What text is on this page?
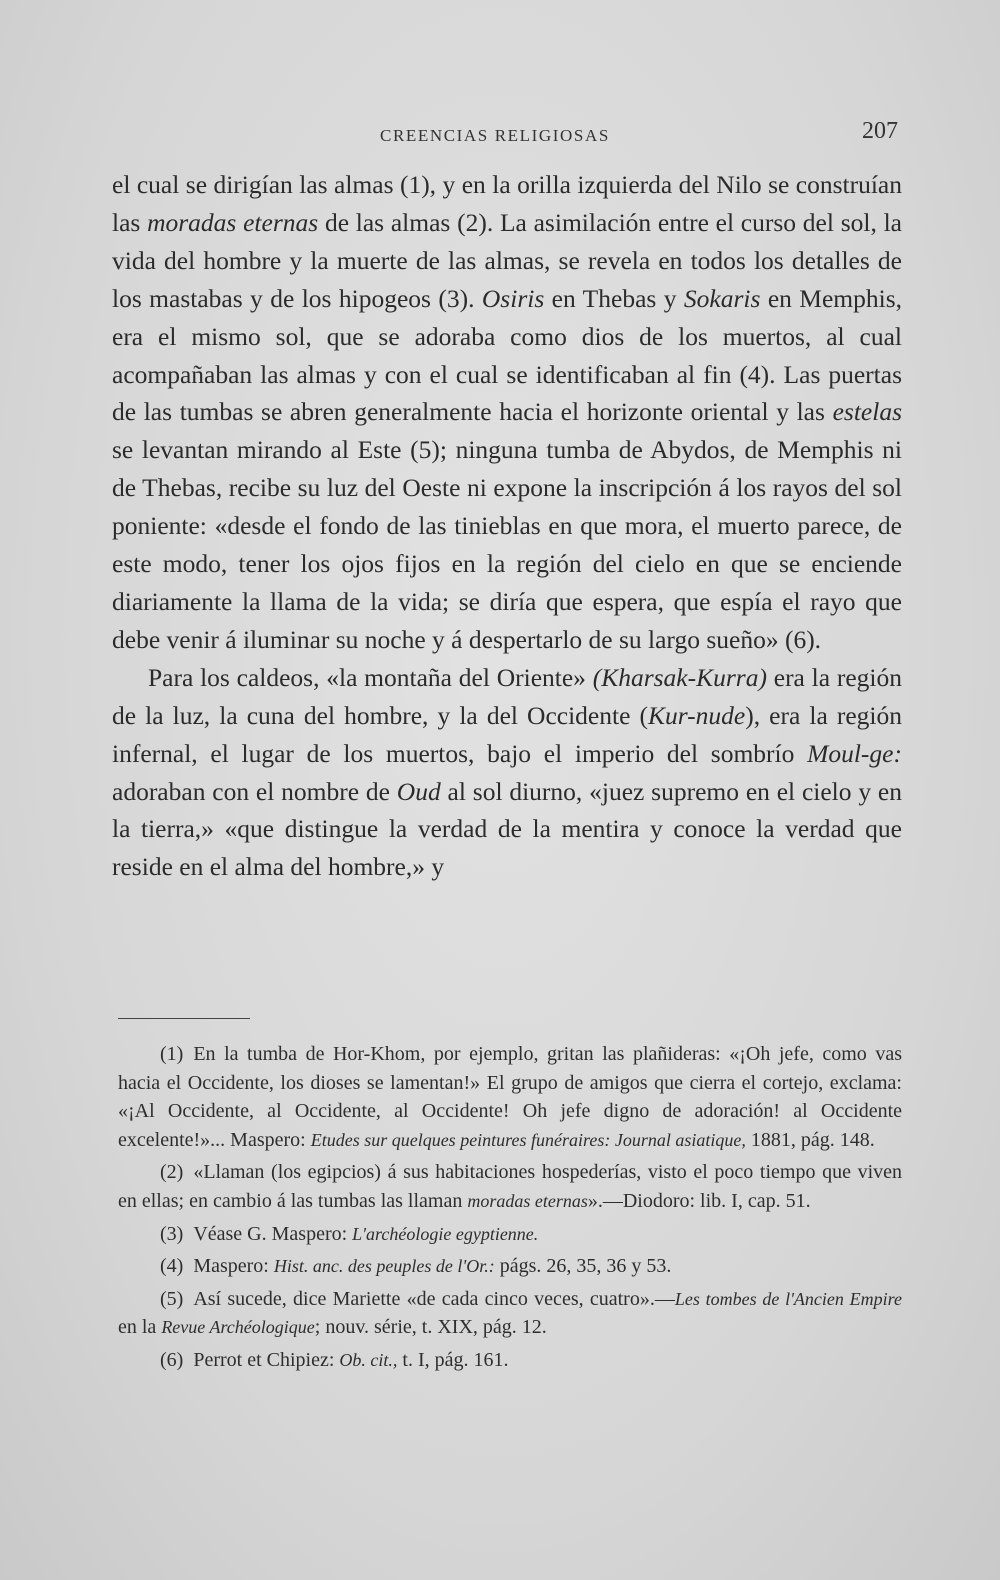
CREENCIAS RELIGIOSAS	207

el cual se dirigían las almas (1), y en la orilla izquierda del Nilo se construían las moradas eternas de las almas (2). La asimilación entre el curso del sol, la vida del hombre y la muerte de las almas, se revela en todos los detalles de los mastabas y de los hipogeos (3). Osiris en Thebas y Sokaris en Memphis, era el mismo sol, que se adoraba como dios de los muertos, al cual acompañaban las almas y con el cual se identificaban al fin (4). Las puertas de las tumbas se abren generalmente hacia el horizonte oriental y las estelas se levantan mirando al Este (5); ninguna tumba de Abydos, de Memphis ni de Thebas, recibe su luz del Oeste ni expone la inscripción á los rayos del sol poniente: «desde el fondo de las tinieblas en que mora, el muerto parece, de este modo, tener los ojos fijos en la región del cielo en que se enciende diariamente la llama de la vida; se diría que espera, que espía el rayo que debe venir á iluminar su noche y á despertarlo de su largo sueño» (6).

Para los caldeos, «la montaña del Oriente» (Kharsak-Kurra) era la región de la luz, la cuna del hombre, y la del Occidente (Kur-nude), era la región infernal, el lugar de los muertos, bajo el imperio del sombrío Moul-ge: adoraban con el nombre de Oud al sol diurno, «juez supremo en el cielo y en la tierra,» «que distingue la verdad de la mentira y conoce la verdad que reside en el alma del hombre,» y

(1) En la tumba de Hor-Khom, por ejemplo, gritan las plañideras: «¡Oh jefe, como vas hacia el Occidente, los dioses se lamentan!» El grupo de amigos que cierra el cortejo, exclama: «¡Al Occidente, al Occidente, al Occidente! Oh jefe digno de adoración! al Occidente excelente!»... Maspero: Etudes sur quelques peintures funéraires: Journal asiatique, 1881, pág. 148.

(2) «Llaman (los egipcios) á sus habitaciones hospederías, visto el poco tiempo que viven en ellas; en cambio á las tumbas las llaman moradas eternas».—Diodoro: lib. I, cap. 51.

(3) Véase G. Maspero: L'archéologie egyptienne.

(4) Maspero: Hist. anc. des peuples de l'Or.: págs. 26, 35, 36 y 53.

(5) Así sucede, dice Mariette «de cada cinco veces, cuatro».—Les tombes de l'Ancien Empire en la Revue Archéologique; nouv. série, t. XIX, pág. 12.

(6) Perrot et Chipiez: Ob. cit., t. I, pág. 161.
